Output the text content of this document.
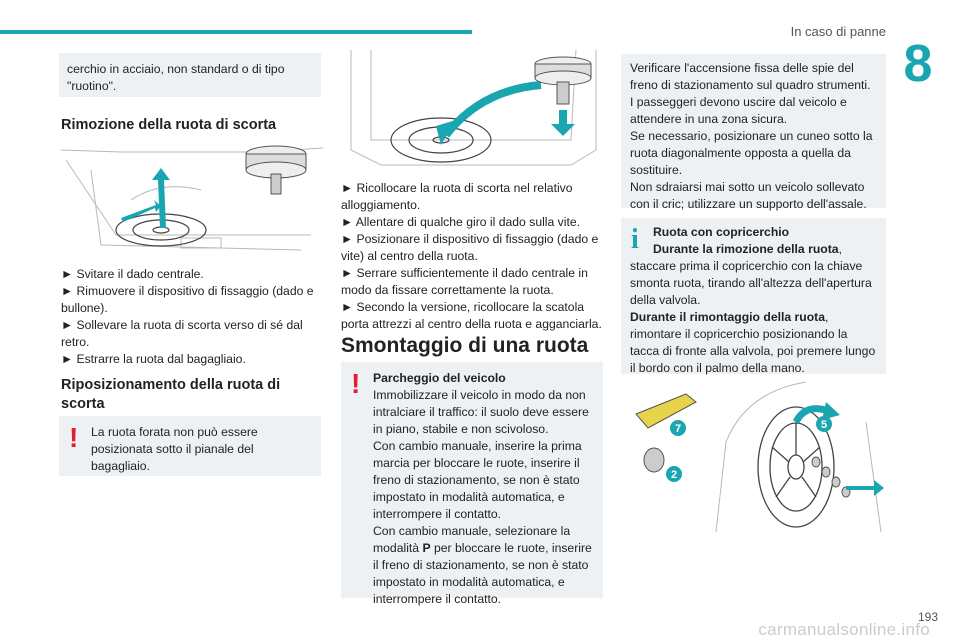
In caso di panne
8
cerchio in acciaio, non standard o di tipo "ruotino".
Rimozione della ruota di scorta
► Svitare il dado centrale.
► Rimuovere il dispositivo di fissaggio (dado e bullone).
► Sollevare la ruota di scorta verso di sé dal retro.
► Estrarre la ruota dal bagagliaio.
Riposizionamento della ruota di scorta
!	La ruota forata non può essere posizionata sotto il pianale del bagagliaio.
► Ricollocare la ruota di scorta nel relativo alloggiamento.
► Allentare di qualche giro il dado sulla vite.
► Posizionare il dispositivo di fissaggio (dado e vite) al centro della ruota.
► Serrare sufficientemente il dado centrale in modo da fissare correttamente la ruota.
► Secondo la versione, ricollocare la scatola porta attrezzi al centro della ruota e agganciarla.
Smontaggio di una ruota
!	Parcheggio del veicolo
Immobilizzare il veicolo in modo da non intralciare il traffico: il suolo deve essere in piano, stabile e non scivoloso.
Con cambio manuale, inserire la prima marcia per bloccare le ruote, inserire il freno di stazionamento, se non è stato impostato in modalità automatica, e interrompere il contatto.
Con cambio manuale, selezionare la modalità P per bloccare le ruote, inserire il freno di stazionamento, se non è stato impostato in modalità automatica, e interrompere il contatto.
Verificare l'accensione fissa delle spie del freno di stazionamento sul quadro strumenti.
I passeggeri devono uscire dal veicolo e attendere in una zona sicura.
Se necessario, posizionare un cuneo sotto la ruota diagonalmente opposta a quella da sostituire.
Non sdraiarsi mai sotto un veicolo sollevato con il cric; utilizzare un supporto dell'assale.
i	Ruota con copricerchio
Durante la rimozione della ruota, staccare prima il copricerchio con la chiave smonta ruota, tirando all'altezza dell'apertura della valvola.
Durante il rimontaggio della ruota, rimontare il copricerchio posizionando la tacca di fronte alla valvola, poi premere lungo il bordo con il palmo della mano.
7	5
2
193
carmanualsonline.info
